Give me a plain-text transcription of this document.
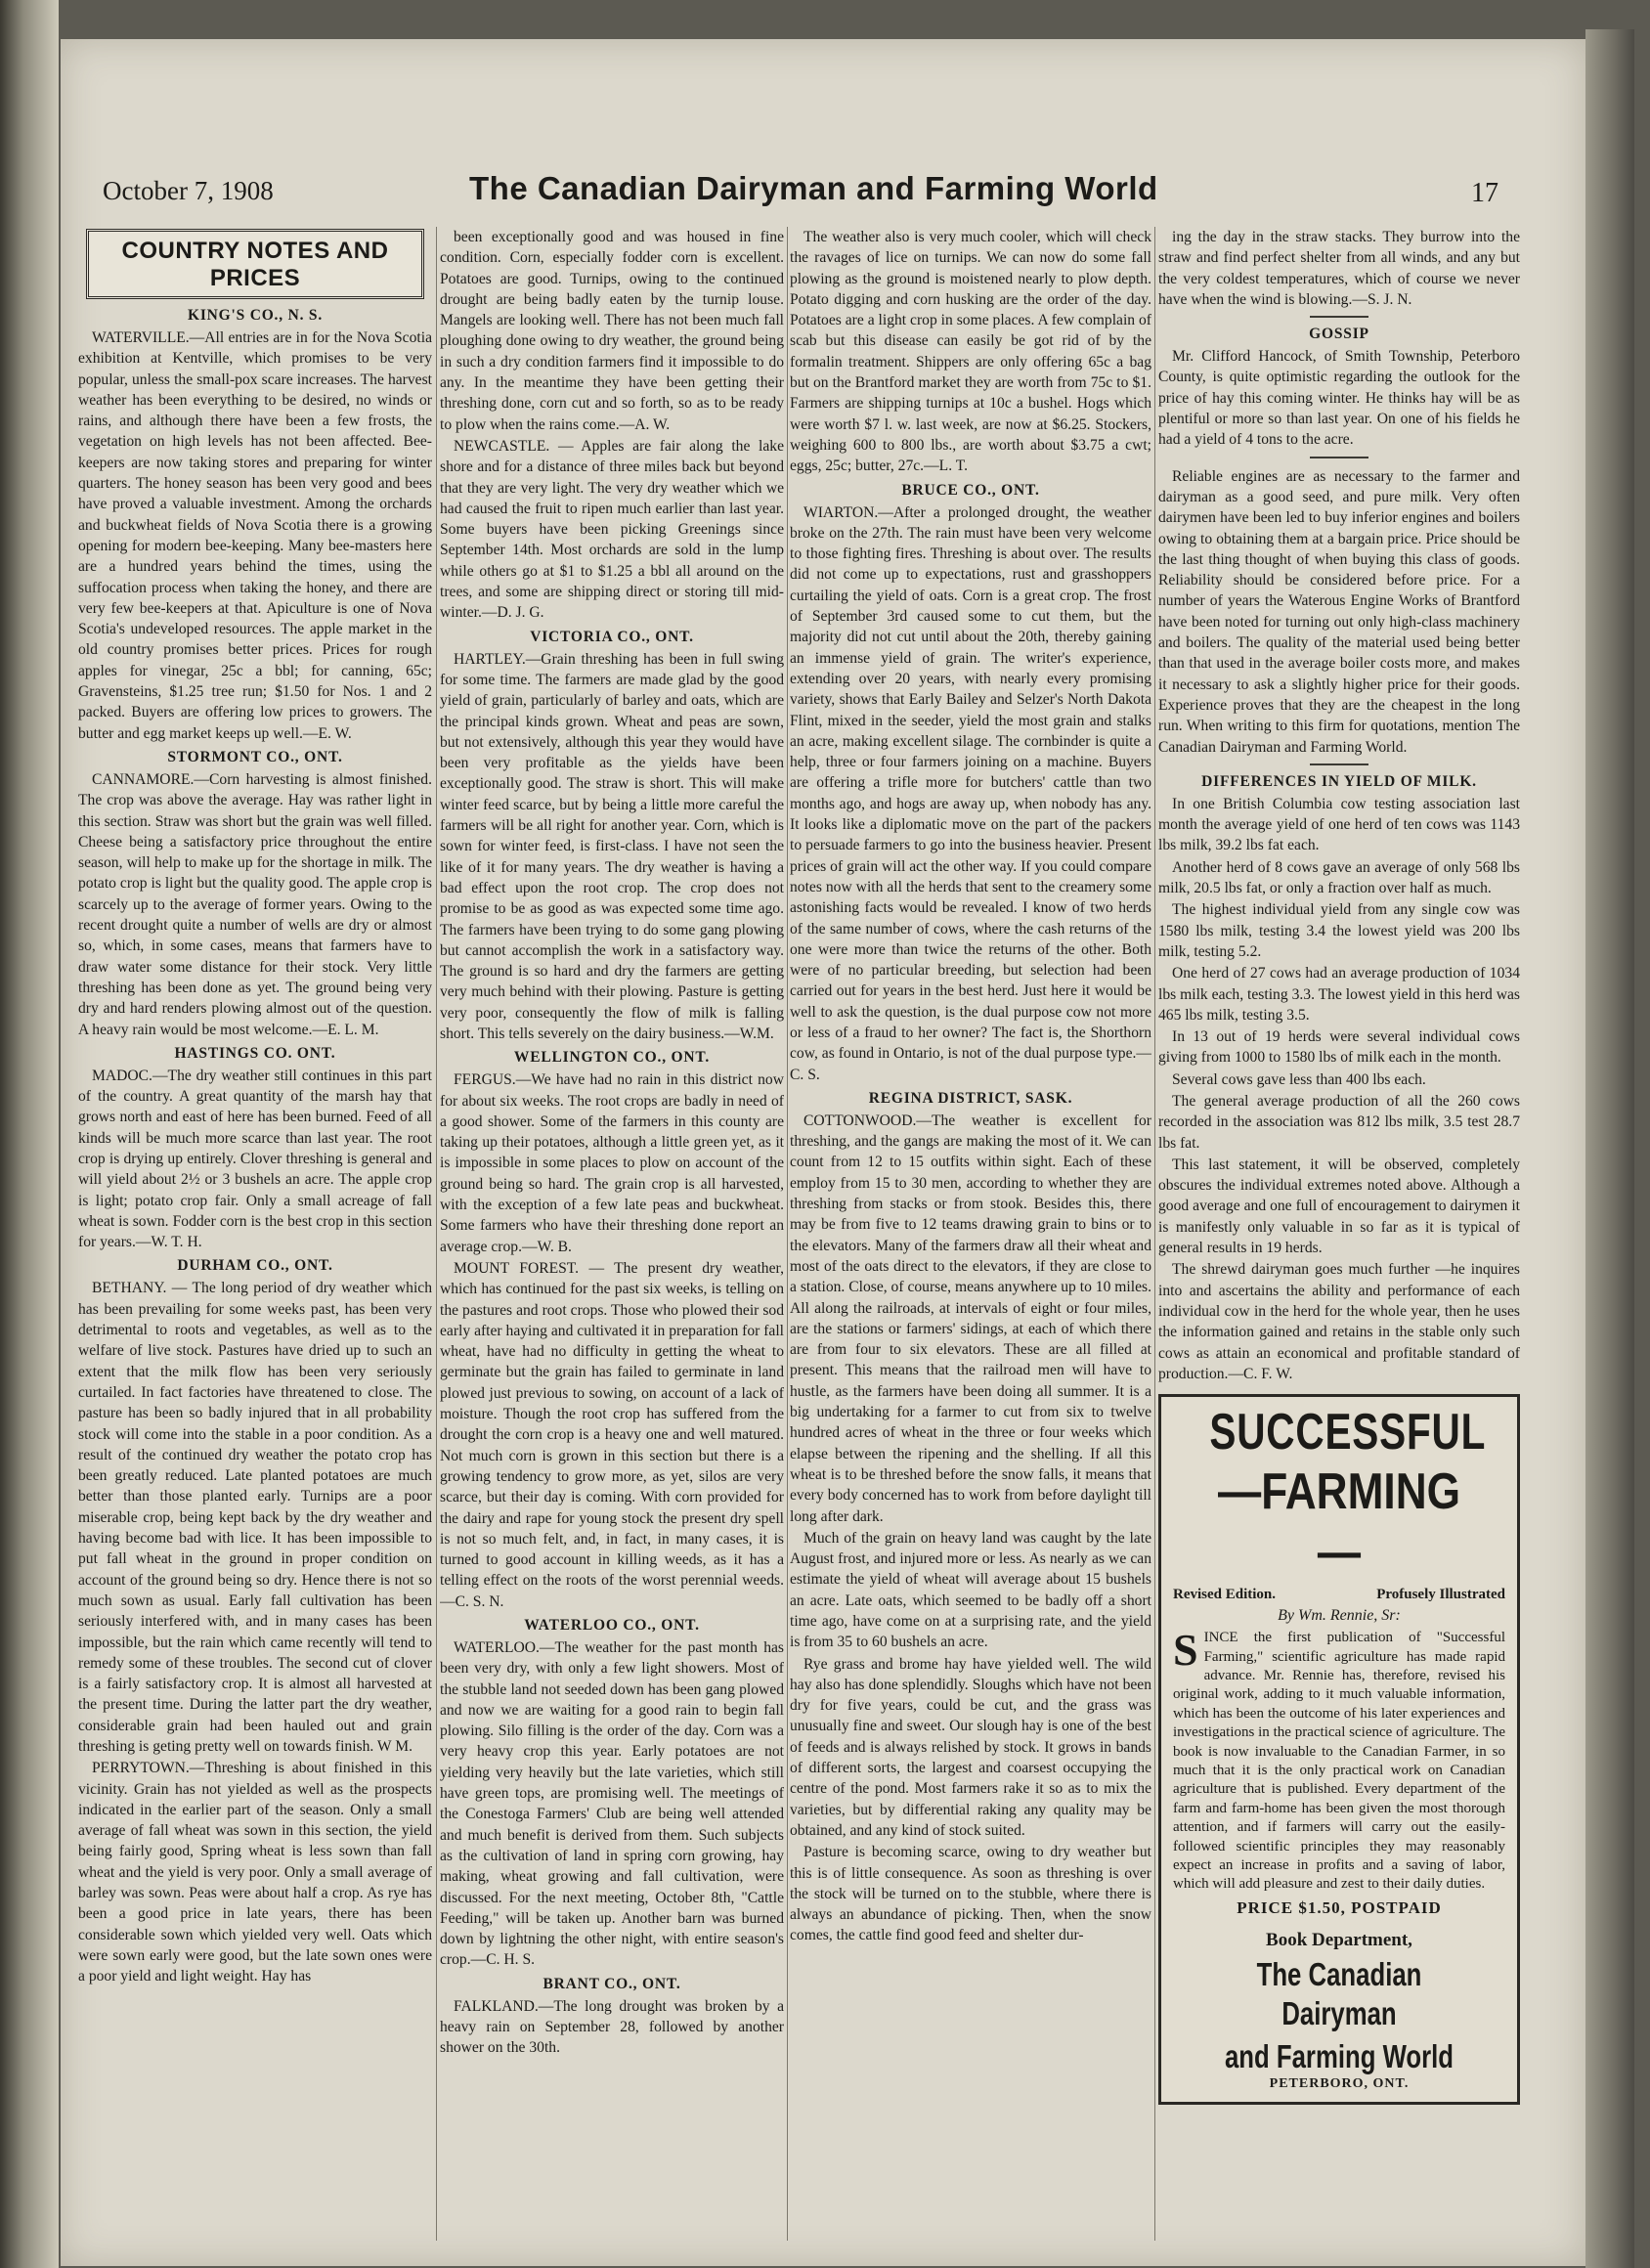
October 7, 1908	The Canadian Dairyman and Farming World	17
COUNTRY NOTES AND PRICES
KING'S CO., N. S.

WATERVILLE.—All entries are in for the Nova Scotia exhibition at Kentville, which promises to be very popular, unless the small-pox scare increases. The harvest weather has been everything to be desired, no winds or rains, and although there have been a few frosts, the vegetation on high levels has not been affected. Bee-keepers are now taking stores and preparing for winter quarters. The honey season has been very good and bees have proved a valuable investment. Among the orchards and buckwheat fields of Nova Scotia there is a growing opening for modern bee-keeping. Many bee-masters here are a hundred years behind the times, using the suffocation process when taking the honey, and there are very few bee-keepers at that. Apiculture is one of Nova Scotia's undeveloped resources. The apple market in the old country promises better prices. Prices for rough apples for vinegar, 25c a bbl; for canning, 65c; Gravensteins, $1.25 tree run; $1.50 for Nos. 1 and 2 packed. Buyers are offering low prices to growers. The butter and egg market keeps up well.—E. W.

STORMONT CO., ONT.

CANNAMORE.—Corn harvesting is almost finished. The crop was above the average. Hay was rather light in this section. Straw was short but the grain was well filled. Cheese being a satisfactory price throughout the entire season, will help to make up for the shortage in milk. The potato crop is light but the quality good. The apple crop is scarcely up to the average of former years. Owing to the recent drought quite a number of wells are dry or almost so, which, in some cases, means that farmers have to draw water some distance for their stock. Very little threshing has been done as yet. The ground being very dry and hard renders plowing almost out of the question. A heavy rain would be most welcome.—E. L. M.

HASTINGS CO. ONT.

MADOC.—The dry weather still continues in this part of the country. A great quantity of the marsh hay that grows north and east of here has been burned. Feed of all kinds will be much more scarce than last year. The root crop is drying up entirely. Clover threshing is general and will yield about 2½ or 3 bushels an acre. The apple crop is light; potato crop fair. Only a small acreage of fall wheat is sown. Fodder corn is the best crop in this section for years.—W. T. H.

DURHAM CO., ONT.

BETHANY. — The long period of dry weather which has been prevailing for some weeks past, has been very detrimental to roots and vegetables, as well as to the welfare of live stock. Pastures have dried up to such an extent that the milk flow has been very seriously curtailed. In fact factories have threatened to close. The pasture has been so badly injured that in all probability stock will come into the stable in a poor condition. As a result of the continued dry weather the potato crop has been greatly reduced. Late planted potatoes are much better than those planted early. Turnips are a poor miserable crop, being kept back by the dry weather and having become bad with lice. It has been impossible to put fall wheat in the ground in proper condition on account of the ground being so dry. Hence there is not so much sown as usual. Early fall cultivation has been seriously interfered with, and in many cases has been impossible, but the rain which came recently will tend to remedy some of these troubles. The second cut of clover is a fairly satisfactory crop. It is almost all harvested at the present time. During the latter part the dry weather, considerable grain had been hauled out and grain threshing is geting pretty well on towards finish. W M.

PERRYTOWN.—Threshing is about finished in this vicinity. Grain has not yielded as well as the prospects indicated in the earlier part of the season. Only a small average of fall wheat was sown in this section, the yield being fairly good, Spring wheat is less sown than fall wheat and the yield is very poor. Only a small average of barley was sown. Peas were about half a crop. As rye has been a good price in late years, there has been considerable sown which yielded very well. Oats which were sown early were good, but the late sown ones were a poor yield and light weight. Hay has

been exceptionally good and was housed in fine condition. Corn, especially fodder corn is excellent. Potatoes are good. Turnips, owing to the continued drought are being badly eaten by the turnip louse. Mangels are looking well. There has not been much fall ploughing done owing to dry weather, the ground being in such a dry condition farmers find it impossible to do any. In the meantime they have been getting their threshing done, corn cut and so forth, so as to be ready to plow when the rains come.—A. W.

NEWCASTLE. — Apples are fair along the lake shore and for a distance of three miles back but beyond that they are very light. The very dry weather which we had caused the fruit to ripen much earlier than last year. Some buyers have been picking Greenings since September 14th. Most orchards are sold in the lump while others go at $1 to $1.25 a bbl all around on the trees, and some are shipping direct or storing till mid-winter.—D. J. G.

VICTORIA CO., ONT.

HARTLEY.—Grain threshing has been in full swing for some time. The farmers are made glad by the good yield of grain, particularly of barley and oats, which are the principal kinds grown. Wheat and peas are sown, but not extensively, although this year they would have been very profitable as the yields have been exceptionally good. The straw is short. This will make winter feed scarce, but by being a little more careful the farmers will be all right for another year. Corn, which is sown for winter feed, is first-class. I have not seen the like of it for many years. The dry weather is having a bad effect upon the root crop. The crop does not promise to be as good as was expected some time ago. The farmers have been trying to do some gang plowing but cannot accomplish the work in a satisfactory way. The ground is so hard and dry the farmers are getting very much behind with their plowing. Pasture is getting very poor, consequently the flow of milk is falling short. This tells severely on the dairy business.—W.M.

WELLINGTON CO., ONT.

FERGUS.—We have had no rain in this district now for about six weeks. The root crops are badly in need of a good shower. Some of the farmers in this county are taking up their potatoes, although a little green yet, as it is impossible in some places to plow on account of the ground being so hard. The grain crop is all harvested, with the exception of a few late peas and buckwheat. Some farmers who have their threshing done report an average crop.—W. B.

MOUNT FOREST. — The present dry weather, which has continued for the past six weeks, is telling on the pastures and root crops. Those who plowed their sod early after haying and cultivated it in preparation for fall wheat, have had no difficulty in getting the wheat to germinate but the grain has failed to germinate in land plowed just previous to sowing, on account of a lack of moisture. Though the root crop has suffered from the drought the corn crop is a heavy one and well matured. Not much corn is grown in this section but there is a growing tendency to grow more, as yet, silos are very scarce, but their day is coming. With corn provided for the dairy and rape for young stock the present dry spell is not so much felt, and, in fact, in many cases, it is turned to good account in killing weeds, as it has a telling effect on the roots of the worst perennial weeds.—C. S. N.

WATERLOO CO., ONT.

WATERLOO.—The weather for the past month has been very dry, with only a few light showers. Most of the stubble land not seeded down has been gang plowed and now we are waiting for a good rain to begin fall plowing. Silo filling is the order of the day. Corn was a very heavy crop this year. Early potatoes are not yielding very heavily but the late varieties, which still have green tops, are promising well. The meetings of the Conestoga Farmers' Club are being well attended and much benefit is derived from them. Such subjects as the cultivation of land in spring corn growing, hay making, wheat growing and fall cultivation, were discussed. For the next meeting, October 8th, "Cattle Feeding," will be taken up. Another barn was burned down by lightning the other night, with entire season's crop.—C. H. S.

BRANT CO., ONT.

FALKLAND.—The long drought was broken by a heavy rain on September 28, followed by another shower on the 30th.

The weather also is very much cooler, which will check the ravages of lice on turnips. We can now do some fall plowing as the ground is moistened nearly to plow depth. Potato digging and corn husking are the order of the day. Potatoes are a light crop in some places. A few complain of scab but this disease can easily be got rid of by the formalin treatment. Shippers are only offering 65c a bag but on the Brantford market they are worth from 75c to $1. Farmers are shipping turnips at 10c a bushel. Hogs which were worth $7 l. w. last week, are now at $6.25. Stockers, weighing 600 to 800 lbs., are worth about $3.75 a cwt; eggs, 25c; butter, 27c.—L. T.

BRUCE CO., ONT.

WIARTON.—After a prolonged drought, the weather broke on the 27th. The rain must have been very welcome to those fighting fires. Threshing is about over. The results did not come up to expectations, rust and grasshoppers curtailing the yield of oats. Corn is a great crop. The frost of September 3rd caused some to cut them, but the majority did not cut until about the 20th, thereby gaining an immense yield of grain. The writer's experience, extending over 20 years, with nearly every promising variety, shows that Early Bailey and Selzer's North Dakota Flint, mixed in the seeder, yield the most grain and stalks an acre, making excellent silage. The cornbinder is quite a help, three or four farmers joining on a machine. Buyers are offering a trifle more for butchers' cattle than two months ago, and hogs are away up, when nobody has any. It looks like a diplomatic move on the part of the packers to persuade farmers to go into the business heavier. Present prices of grain will act the other way. If you could compare notes now with all the herds that sent to the creamery some astonishing facts would be revealed. I know of two herds of the same number of cows, where the cash returns of the one were more than twice the returns of the other. Both were of no particular breeding, but selection had been carried out for years in the best herd. Just here it would be well to ask the question, is the dual purpose cow not more or less of a fraud to her owner? The fact is, the Shorthorn cow, as found in Ontario, is not of the dual purpose type.—C. S.

REGINA DISTRICT, SASK.

COTTONWOOD.—The weather is excellent for threshing, and the gangs are making the most of it. We can count from 12 to 15 outfits within sight. Each of these employ from 15 to 30 men, according to whether they are threshing from stacks or from stook. Besides this, there may be from five to 12 teams drawing grain to bins or to the elevators. Many of the farmers draw all their wheat and most of the oats direct to the elevators, if they are close to a station. Close, of course, means anywhere up to 10 miles. All along the railroads, at intervals of eight or four miles, are the stations or farmers' sidings, at each of which there are from four to six elevators. These are all filled at present. This means that the railroad men will have to hustle, as the farmers have been doing all summer. It is a big undertaking for a farmer to cut from six to twelve hundred acres of wheat in the three or four weeks which elapse between the ripening and the shelling. If all this wheat is to be threshed before the snow falls, it means that every body concerned has to work from before daylight till long after dark.

Much of the grain on heavy land was caught by the late August frost, and injured more or less. As nearly as we can estimate the yield of wheat will average about 15 bushels an acre. Late oats, which seemed to be badly off a short time ago, have come on at a surprising rate, and the yield is from 35 to 60 bushels an acre.

Rye grass and brome hay have yielded well. The wild hay also has done splendidly. Sloughs which have not been dry for five years, could be cut, and the grass was unusually fine and sweet. Our slough hay is one of the best of feeds and is always relished by stock. It grows in bands of different sorts, the largest and coarsest occupying the centre of the pond. Most farmers rake it so as to mix the varieties, but by differential raking any quality may be obtained, and any kind of stock suited.

Pasture is becoming scarce, owing to dry weather but this is of little consequence. As soon as threshing is over the stock will be turned on to the stubble, where there is always an abundance of picking. Then, when the snow comes, the cattle find good feed and shelter dur-

ing the day in the straw stacks. They burrow into the straw and find perfect shelter from all winds, and any but the very coldest temperatures, which of course we never have when the wind is blowing.—S. J. N.

GOSSIP

Mr. Clifford Hancock, of Smith Township, Peterboro County, is quite optimistic regarding the outlook for the price of hay this coming winter. He thinks hay will be as plentiful or more so than last year. On one of his fields he had a yield of 4 tons to the acre.

Reliable engines are as necessary to the farmer and dairyman as a good seed, and pure milk. Very often dairymen have been led to buy inferior engines and boilers owing to obtaining them at a bargain price. Price should be the last thing thought of when buying this class of goods. Reliability should be considered before price. For a number of years the Waterous Engine Works of Brantford have been noted for turning out only high-class machinery and boilers. The quality of the material used being better than that used in the average boiler costs more, and makes it necessary to ask a slightly higher price for their goods. Experience proves that they are the cheapest in the long run. When writing to this firm for quotations, mention The Canadian Dairyman and Farming World.

DIFFERENCES IN YIELD OF MILK.

In one British Columbia cow testing association last month the average yield of one herd of ten cows was 1143 lbs milk, 39.2 lbs fat each.

Another herd of 8 cows gave an average of only 568 lbs milk, 20.5 lbs fat, or only a fraction over half as much.

The highest individual yield from any single cow was 1580 lbs milk, testing 3.4 the lowest yield was 200 lbs milk, testing 5.2.

One herd of 27 cows had an average production of 1034 lbs milk each, testing 3.3. The lowest yield in this herd was 465 lbs milk, testing 3.5.

In 13 out of 19 herds were several individual cows giving from 1000 to 1580 lbs of milk each in the month.

Several cows gave less than 400 lbs each.

The general average production of all the 260 cows recorded in the association was 812 lbs milk, 3.5 test 28.7 lbs fat.

This last statement, it will be observed, completely obscures the individual extremes noted above. Although a good average and one full of encouragement to dairymen it is manifestly only valuable in so far as it is typical of general results in 19 herds.

The shrewd dairyman goes much further —he inquires into and ascertains the ability and performance of each individual cow in the herd for the whole year, then he uses the information gained and retains in the stable only such cows as attain an economical and profitable standard of production.—C. F. W.

SUCCESSFUL
—FARMING—
Revised Edition.	Profusely Illustrated
By Wm. Rennie, Sr:
SINCE the first publication of "Successful Farming," scientific agriculture has made rapid advance. Mr. Rennie has, therefore, revised his original work, adding to it much valuable information, which has been the outcome of his later experiences and investigations in the practical science of agriculture. The book is now invaluable to the Canadian Farmer, in so much that it is the only practical work on Canadian agriculture that is published. Every department of the farm and farm-home has been given the most thorough attention, and if farmers will carry out the easily-followed scientific principles they may reasonably expect an increase in profits and a saving of labor, which will add pleasure and zest to their daily duties.
PRICE $1.50, POSTPAID
Book Department,
The Canadian Dairyman
and Farming World
PETERBORO, ONT.
